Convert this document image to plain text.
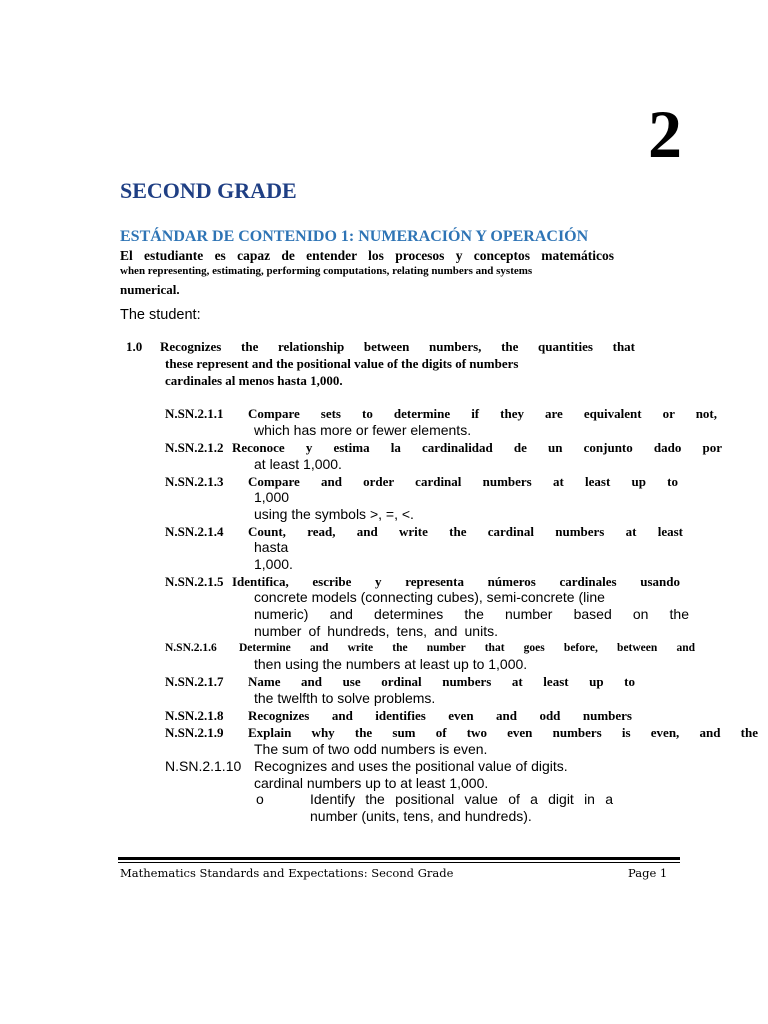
2
SECOND GRADE
ESTÁNDAR DE CONTENIDO 1: NUMERACIÓN Y OPERACIÓN
El estudiante es capaz de entender los procesos y conceptos matemáticos
when representing, estimating, performing computations, relating numbers and systems
numerical.
The student:
1.0 Recognizes the relationship between numbers, the quantities that
these represent and the positional value of the digits of numbers
cardinales al menos hasta 1,000.
N.SN.2.1.1 Compare sets to determine if they are equivalent or not,
which has more or fewer elements.
N.SN.2.1.2 Reconoce y estima la cardinalidad de un conjunto dado por
at least 1,000.
N.SN.2.1.3 Compare and order cardinal numbers at least up to
1,000
using the symbols >, =, <.
N.SN.2.1.4 Count, read, and write the cardinal numbers at least
hasta
1,000.
N.SN.2.1.5 Identifica, escribe y representa números cardinales usando
concrete models (connecting cubes), semi-concrete (line
numeric) and determines the number based on the
number of hundreds, tens, and units.
N.SN.2.1.6 Determine and write the number that goes before, between and
then using the numbers at least up to 1,000.
N.SN.2.1.7 Name and use ordinal numbers at least up to
the twelfth to solve problems.
N.SN.2.1.8 Recognizes and identifies even and odd numbers
N.SN.2.1.9 Explain why the sum of two even numbers is even, and the
The sum of two odd numbers is even.
N.SN.2.1.10 Recognizes and uses the positional value of digits.
cardinal numbers up to at least 1,000.
o	Identify the positional value of a digit in a
number (units, tens, and hundreds).
Mathematics Standards and Expectations: Second Grade	Page 1
